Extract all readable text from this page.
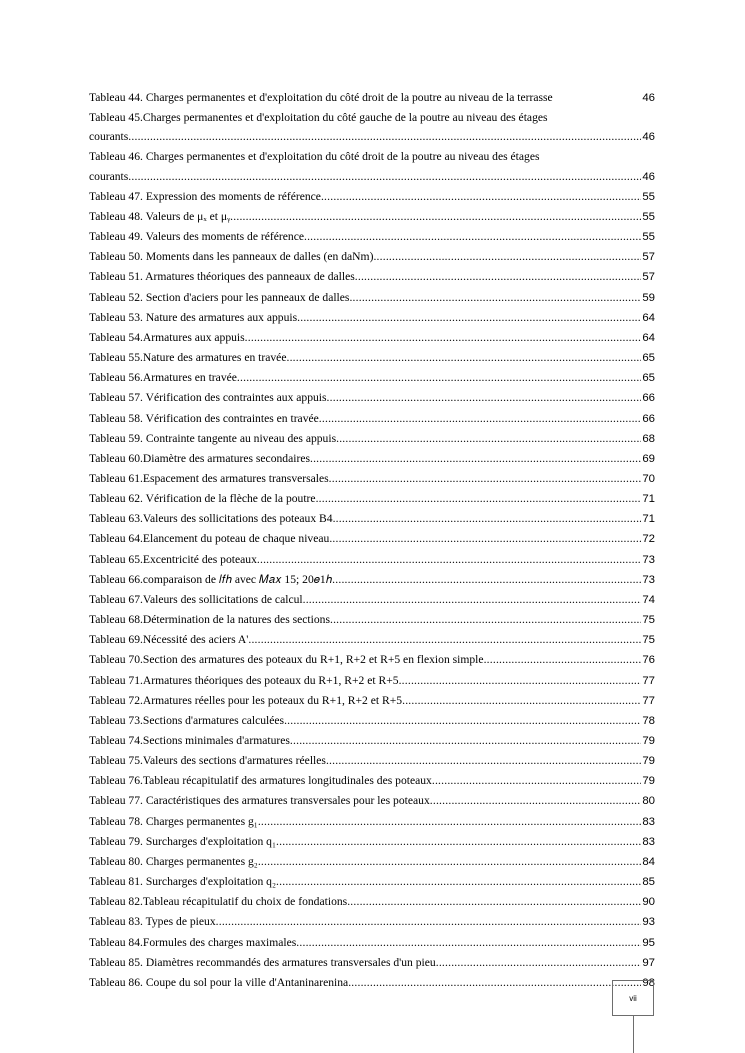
Tableau 44. Charges permanentes et d'exploitation du côté droit de la poutre au niveau de la terrasse	46
Tableau 45.Charges permanentes et d'exploitation du côté gauche de la poutre au niveau des étages
courants . . .	46
Tableau 46. Charges permanentes et d'exploitation du côté droit de la poutre au niveau des étages
courants . . .	46
Tableau 47. Expression des moments de référence . . .	55
Tableau 48. Valeurs de μₓ et μᵧ . . .	55
Tableau 49. Valeurs des moments de référence . . .	55
Tableau 50. Moments dans les panneaux de dalles (en daNm) . . .	57
Tableau 51. Armatures théoriques des panneaux de dalles . . .	57
Tableau 52. Section d'aciers pour les panneaux de dalles . . .	59
Tableau 53. Nature des armatures aux appuis . . .	64
Tableau 54.Armatures aux appuis . . .	64
Tableau 55.Nature des armatures en travée . . .	65
Tableau 56.Armatures en travée . . .	65
Tableau 57. Vérification des contraintes aux appuis . . .	66
Tableau 58. Vérification des contraintes en travée . . .	66
Tableau 59. Contrainte tangente au niveau des appuis . . .	68
Tableau 60.Diamètre des armatures secondaires . . .	69
Tableau 61.Espacement des armatures transversales . . .	70
Tableau 62. Vérification de la flèche de la poutre . . .	71
Tableau 63.Valeurs des sollicitations des poteaux B4 . . .	71
Tableau 64.Elancement du poteau de chaque niveau . . .	72
Tableau 65.Excentricité des poteaux . . .	73
Tableau 66.comparaison de 𝑙𝑓ℎ avec 𝑀𝑎𝑥 15; 20𝑒1ℎ . . .	73
Tableau 67.Valeurs des sollicitations de calcul . . .	74
Tableau 68.Détermination de la natures des sections . . .	75
Tableau 69.Nécessité des aciers A' . . .	75
Tableau 70.Section des armatures des poteaux du R+1, R+2 et R+5 en flexion simple . . .	76
Tableau 71.Armatures théoriques des poteaux du R+1, R+2 et R+5 . . .	77
Tableau 72.Armatures réelles pour les poteaux du R+1, R+2 et R+5 . . .	77
Tableau 73.Sections d'armatures calculées . . .	78
Tableau 74.Sections minimales d'armatures . . .	79
Tableau 75.Valeurs des sections d'armatures réelles . . .	79
Tableau 76.Tableau récapitulatif des armatures longitudinales des poteaux . . .	79
Tableau 77. Caractéristiques des armatures transversales pour les poteaux . . .	80
Tableau 78. Charges permanentes g₁ . . .	83
Tableau 79. Surcharges d'exploitation q₁ . . .	83
Tableau 80. Charges permanentes g₂ . . .	84
Tableau 81. Surcharges d'exploitation q₂ . . .	85
Tableau 82.Tableau récapitulatif du choix de fondations . . .	90
Tableau 83. Types de pieux . . .	93
Tableau 84.Formules des charges maximales . . .	95
Tableau 85. Diamètres recommandés des armatures transversales d'un pieu . . .	97
Tableau 86. Coupe du sol pour la ville d'Antaninarenina . . .	98
vii
